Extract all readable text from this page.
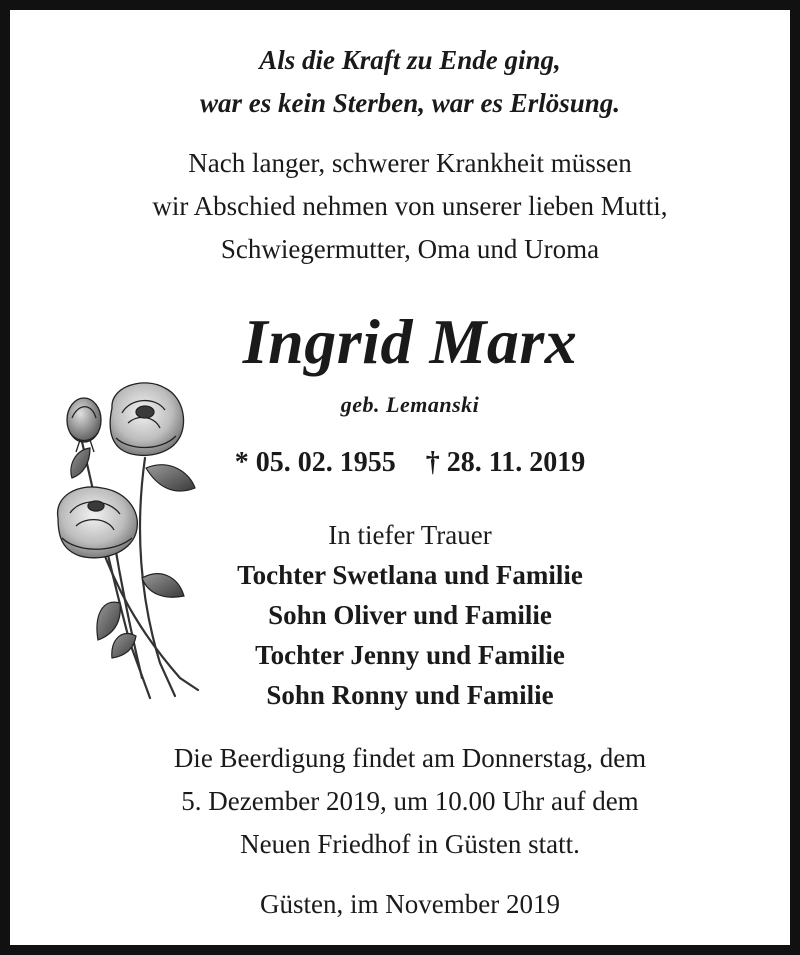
Als die Kraft zu Ende ging,
war es kein Sterben, war es Erlösung.
Nach langer, schwerer Krankheit müssen
wir Abschied nehmen von unserer lieben Mutti,
Schwiegermutter, Oma und Uroma
Ingrid Marx
geb. Lemanski
* 05. 02. 1955 † 28. 11. 2019
In tiefer Trauer
Tochter Swetlana und Familie
Sohn Oliver und Familie
Tochter Jenny und Familie
Sohn Ronny und Familie
Die Beerdigung findet am Donnerstag, dem
5. Dezember 2019, um 10.00 Uhr auf dem
Neuen Friedhof in Güsten statt.
Güsten, im November 2019
